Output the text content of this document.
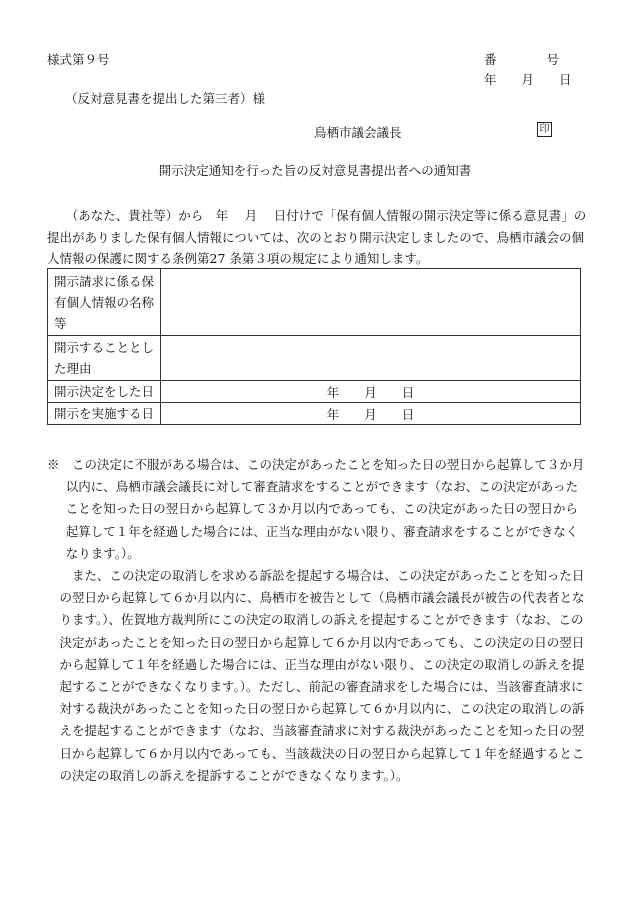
様式第９号	番　　　　号
年　　月　　日
（反対意見書を提出した第三者）様
鳥栖市議会議長	印
開示決定通知を行った旨の反対意見書提出者への通知書
（あなた、貴社等）から　年　 月　 日付けで「保有個人情報の開示決定等に係る意見書」の提出がありました保有個人情報については、次のとおり開示決定しましたので、鳥栖市議会の個人情報の保護に関する条例第27 条第３項の規定により通知します。
開示請求に係る保有個人情報の名称等	
開示することとした理由	
開示決定をした日	年　　月　　日
開示を実施する日	年　　月　　日

※　この決定に不服がある場合は、この決定があったことを知った日の翌日から起算して３か月以内に、鳥栖市議会議長に対して審査請求をすることができます（なお、この決定があったことを知った日の翌日から起算して３か月以内であっても、この決定があった日の翌日から起算して１年を経過した場合には、正当な理由がない限り、審査請求をすることができなくなります。）。

また、この決定の取消しを求める訴訟を提起する場合は、この決定があったことを知った日の翌日から起算して６か月以内に、鳥栖市を被告として（鳥栖市議会議長が被告の代表者となります。）、佐賀地方裁判所にこの決定の取消しの訴えを提起することができます（なお、この決定があったことを知った日の翌日から起算して６か月以内であっても、この決定の日の翌日から起算して１年を経過した場合には、正当な理由がない限り、この決定の取消しの訴えを提起することができなくなります。）。ただし、前記の審査請求をした場合には、当該審査請求に対する裁決があったことを知った日の翌日から起算して６か月以内に、この決定の取消しの訴えを提起することができます（なお、当該審査請求に対する裁決があったことを知った日の翌日から起算して６か月以内であっても、当該裁決の日の翌日から起算して１年を経過するとこの決定の取消しの訴えを提訴することができなくなります。）。
